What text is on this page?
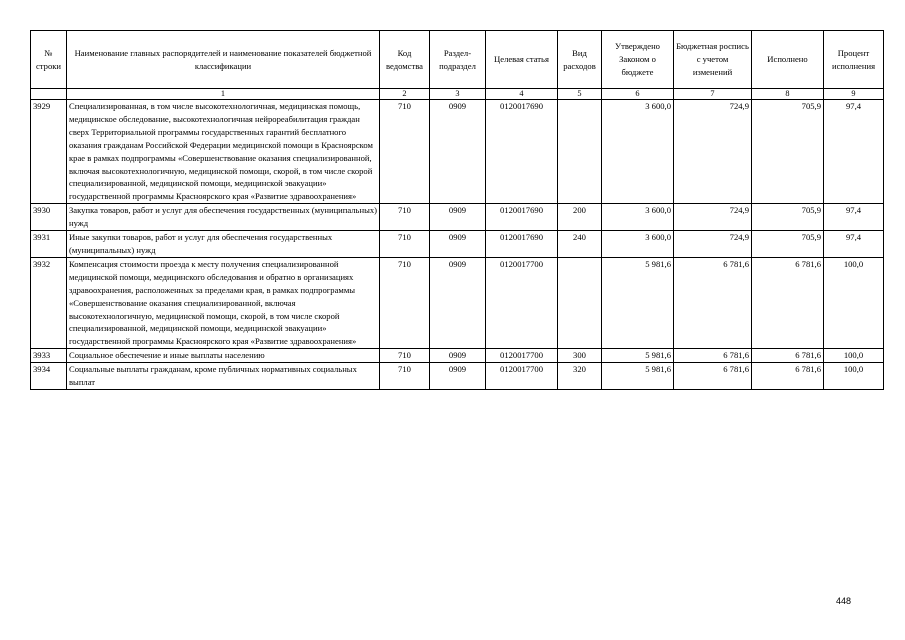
№ строки	Наименование главных распорядителей и наименование показателей бюджетной классификации	Код ведомства	Раздел- подраздел	Целевая статья	Вид расходов	Утверждено Законом о бюджете	Бюджетная роспись с учетом изменений	Исполнено	Процент исполнения
	1	2	3	4	5	6	7	8	9
3929	Специализированная, в том числе высокотехнологичная, медицинская помощь, медицинское обследование, высокотехнологичная нейрореабилитация граждан сверх Территориальной программы государственных гарантий бесплатного оказания гражданам Российской Федерации медицинской помощи в Красноярском крае в рамках подпрограммы «Совершенствование оказания специализированной, включая высокотехнологичную, медицинской помощи, скорой, в том числе скорой специализированной, медицинской помощи, медицинской эвакуации» государственной программы Красноярского края «Развитие здравоохранения»	710	0909	0120017690		3 600,0	724,9	705,9	97,4
3930	Закупка товаров, работ и услуг для обеспечения государственных (муниципальных) нужд	710	0909	0120017690	200	3 600,0	724,9	705,9	97,4
3931	Иные закупки товаров, работ и услуг для обеспечения государственных (муниципальных) нужд	710	0909	0120017690	240	3 600,0	724,9	705,9	97,4
3932	Компенсация стоимости проезда к месту получения специализированной медицинской помощи, медицинского обследования и обратно в организациях здравоохранения, расположенных за пределами края, в рамках подпрограммы «Совершенствование оказания специализированной, включая высокотехнологичную, медицинской помощи, скорой, в том числе скорой специализированной, медицинской помощи, медицинской эвакуации» государственной программы Красноярского края «Развитие здравоохранения»	710	0909	0120017700		5 981,6	6 781,6	6 781,6	100,0
3933	Социальное обеспечение и иные выплаты населению	710	0909	0120017700	300	5 981,6	6 781,6	6 781,6	100,0
3934	Социальные выплаты гражданам, кроме публичных нормативных социальных выплат	710	0909	0120017700	320	5 981,6	6 781,6	6 781,6	100,0
448
